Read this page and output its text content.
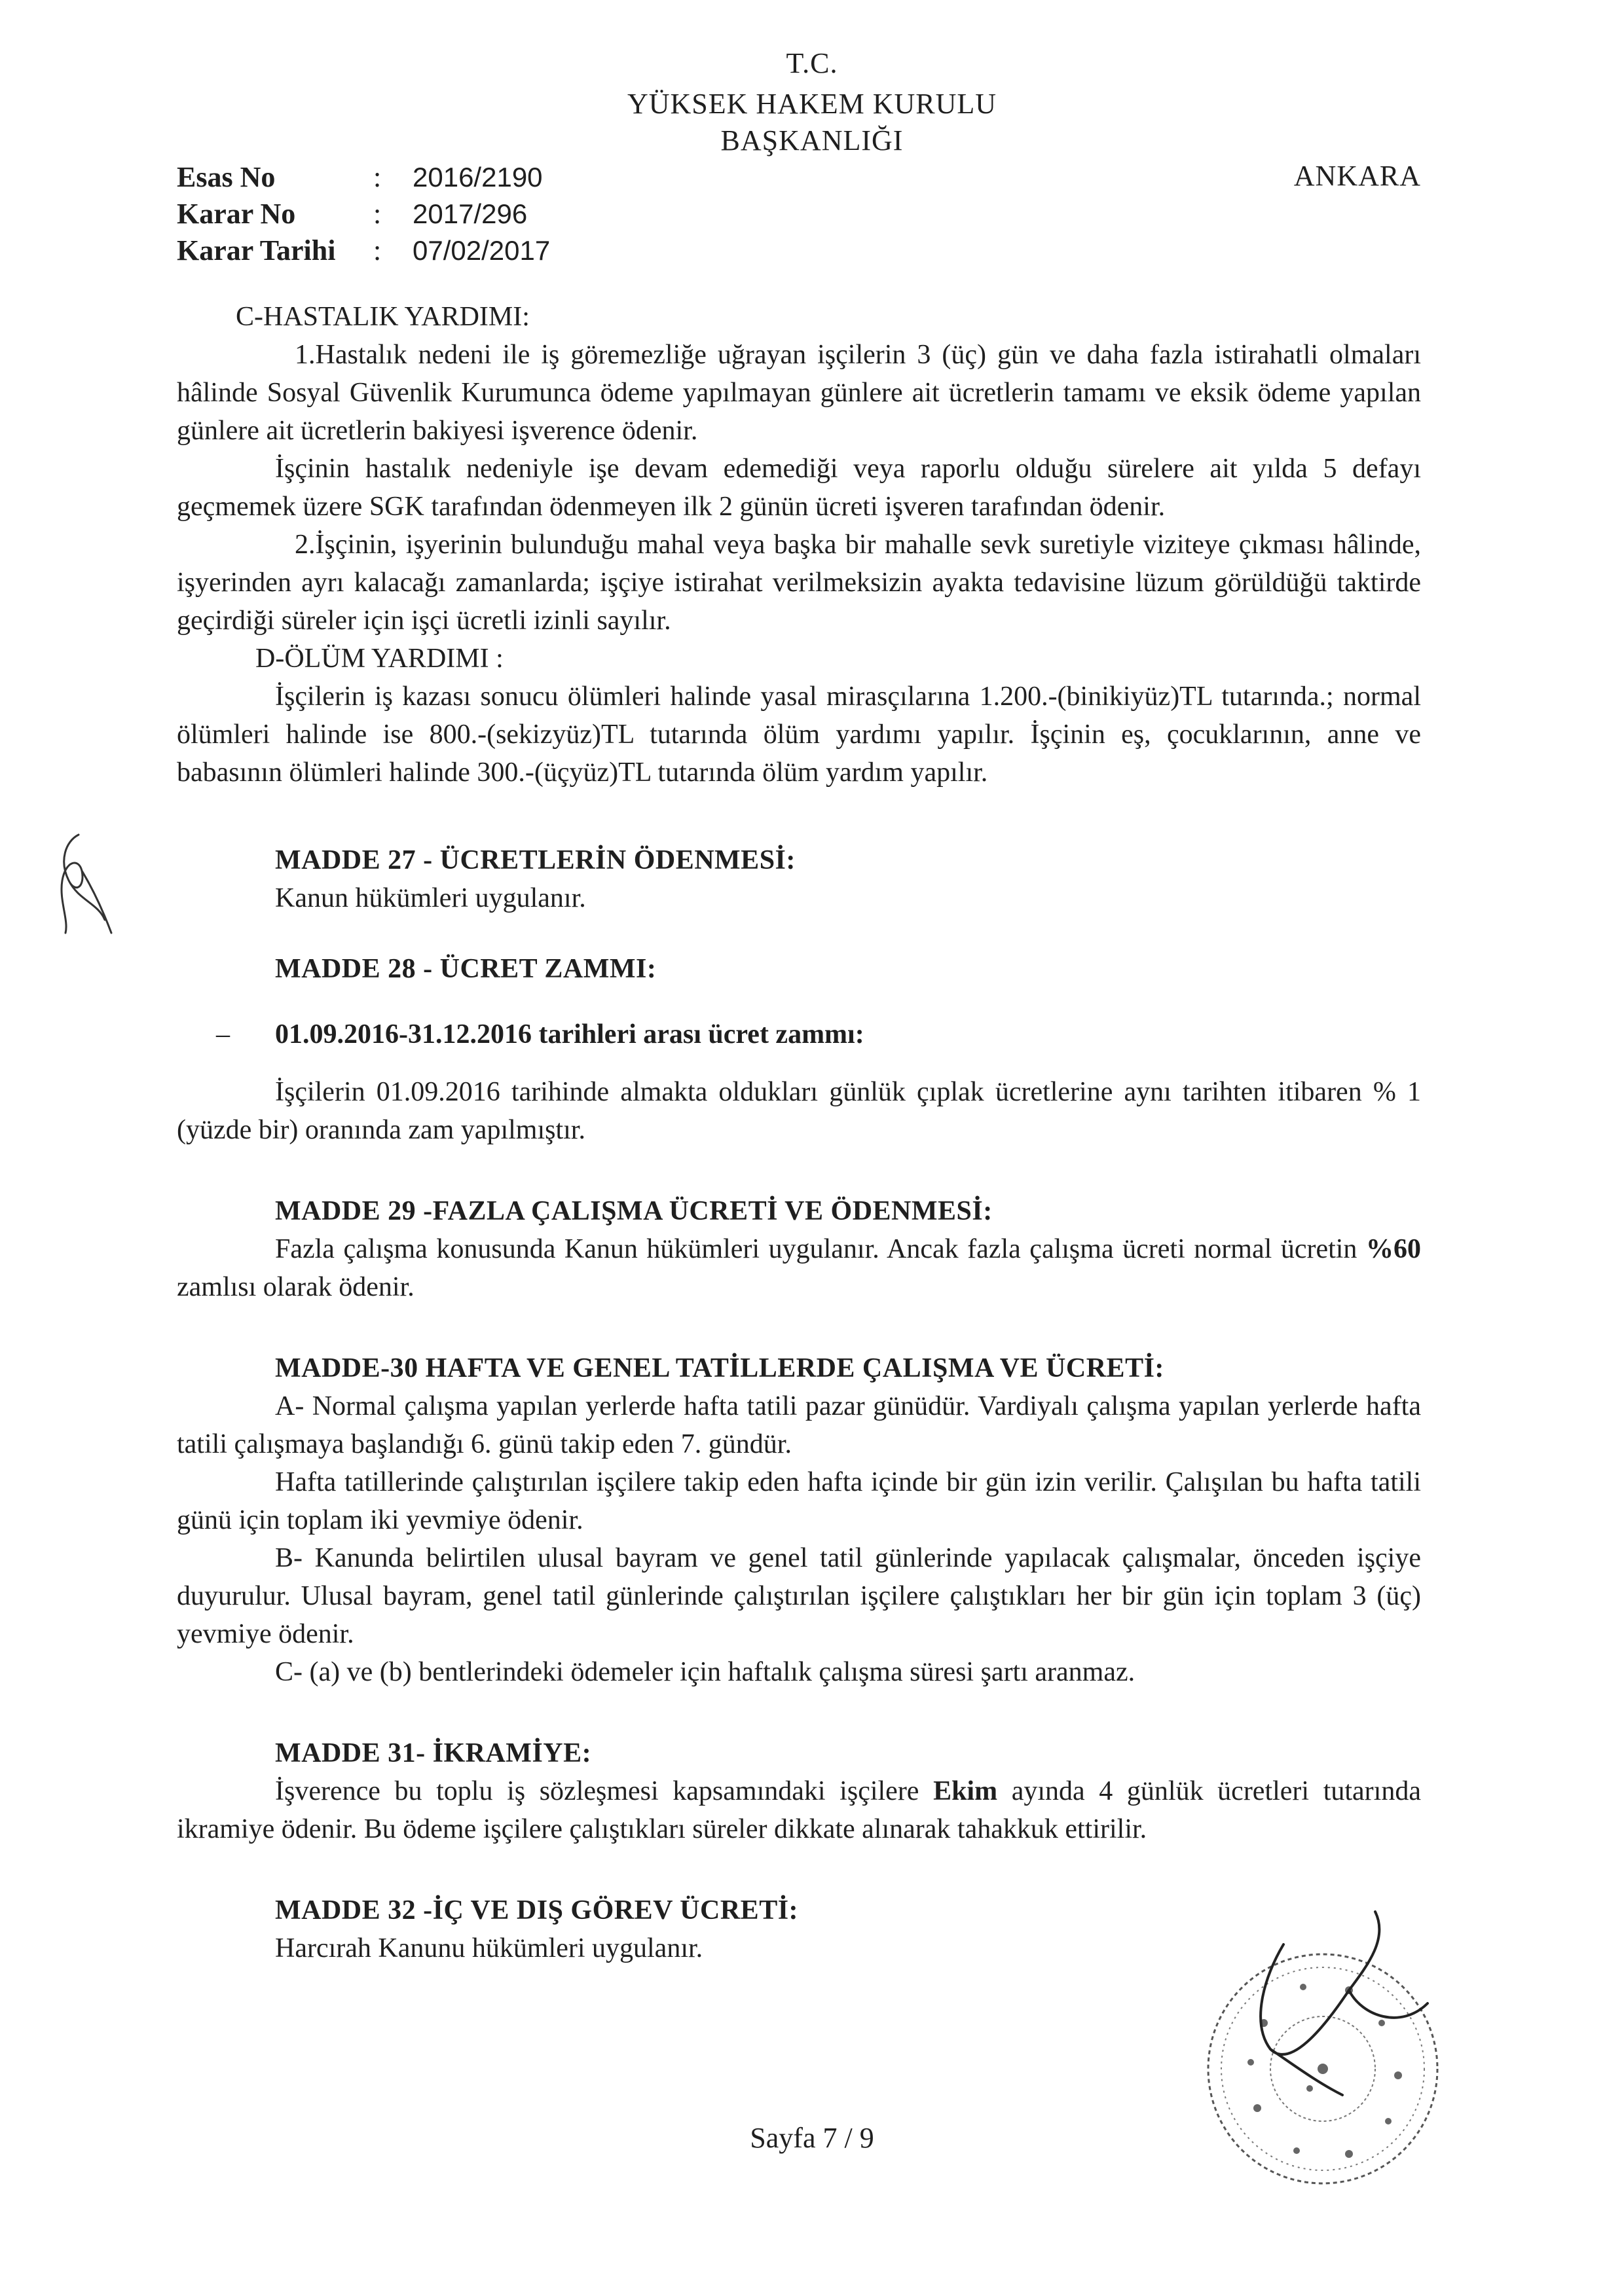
T.C.
YÜKSEK HAKEM KURULU
BAŞKANLIĞI
ANKARA
Esas No	:	2016/2190
Karar No	:	2017/296
Karar Tarihi	:	07/02/2017

C-HASTALIK YARDIMI:

1.Hastalık nedeni ile iş göremezliğe uğrayan işçilerin 3 (üç) gün ve daha fazla istirahatli olmaları hâlinde Sosyal Güvenlik Kurumunca ödeme yapılmayan günlere ait ücretlerin tamamı ve eksik ödeme yapılan günlere ait ücretlerin bakiyesi işverence ödenir.

İşçinin hastalık nedeniyle işe devam edemediği veya raporlu olduğu sürelere ait yılda 5 defayı geçmemek üzere SGK tarafından ödenmeyen ilk 2 günün ücreti işveren tarafından ödenir.

2.İşçinin, işyerinin bulunduğu mahal veya başka bir mahalle sevk suretiyle viziteye çıkması hâlinde, işyerinden ayrı kalacağı zamanlarda; işçiye istirahat verilmeksizin ayakta tedavisine lüzum görüldüğü taktirde geçirdiği süreler için işçi ücretli izinli sayılır.

D-ÖLÜM YARDIMI :

İşçilerin iş kazası sonucu ölümleri halinde yasal mirasçılarına 1.200.-(binikiyüz)TL tutarında.; normal ölümleri halinde ise 800.-(sekizyüz)TL tutarında ölüm yardımı yapılır. İşçinin eş, çocuklarının, anne ve babasının ölümleri halinde 300.-(üçyüz)TL tutarında ölüm yardım yapılır.

MADDE 27 - ÜCRETLERİN ÖDENMESİ:

Kanun hükümleri uygulanır.

MADDE 28 - ÜCRET ZAMMI:

–	01.09.2016-31.12.2016 tarihleri arası ücret zammı:

İşçilerin 01.09.2016 tarihinde almakta oldukları günlük çıplak ücretlerine aynı tarihten itibaren % 1 (yüzde bir) oranında zam yapılmıştır.

MADDE 29 -FAZLA ÇALIŞMA ÜCRETİ VE ÖDENMESİ:

Fazla çalışma konusunda Kanun hükümleri uygulanır. Ancak fazla çalışma ücreti normal ücretin %60 zamlısı olarak ödenir.

MADDE-30 HAFTA VE GENEL TATİLLERDE ÇALIŞMA VE ÜCRETİ:

A- Normal çalışma yapılan yerlerde hafta tatili pazar günüdür. Vardiyalı çalışma yapılan yerlerde hafta tatili çalışmaya başlandığı 6. günü takip eden 7. gündür.

Hafta tatillerinde çalıştırılan işçilere takip eden hafta içinde bir gün izin verilir. Çalışılan bu hafta tatili günü için toplam iki yevmiye ödenir.

B- Kanunda belirtilen ulusal bayram ve genel tatil günlerinde yapılacak çalışmalar, önceden işçiye duyurulur. Ulusal bayram, genel tatil günlerinde çalıştırılan işçilere çalıştıkları her bir gün için toplam 3 (üç) yevmiye ödenir.

C- (a) ve (b) bentlerindeki ödemeler için haftalık çalışma süresi şartı aranmaz.

MADDE 31- İKRAMİYE:

İşverence bu toplu iş sözleşmesi kapsamındaki işçilere Ekim ayında 4 günlük ücretleri tutarında ikramiye ödenir. Bu ödeme işçilere çalıştıkları süreler dikkate alınarak tahakkuk ettirilir.

MADDE 32 -İÇ VE DIŞ GÖREV ÜCRETİ:

Harcırah Kanunu hükümleri uygulanır.

Sayfa 7 / 9
